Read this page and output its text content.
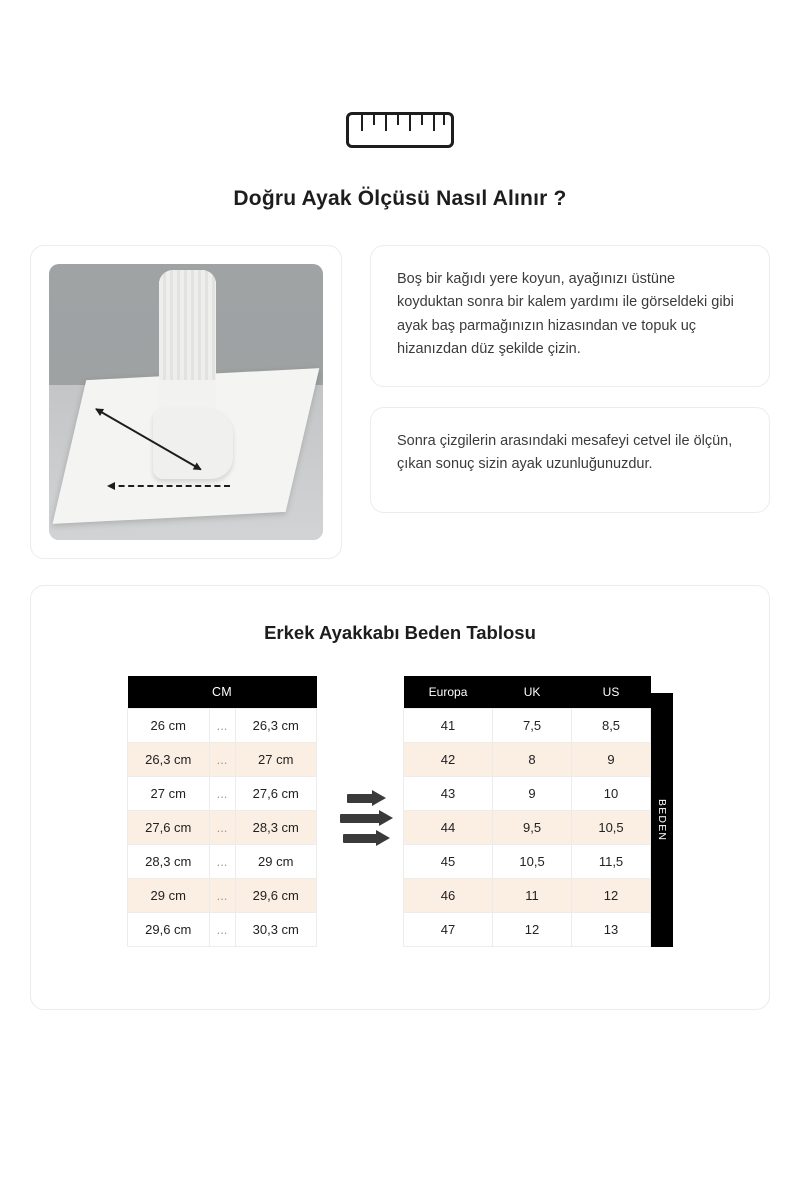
Doğru Ayak Ölçüsü Nasıl Alınır ?

Boş bir kağıdı yere koyun, ayağınızı üstüne koyduktan sonra bir kalem yardımı ile görseldeki gibi ayak baş parmağınızın hizasından ve topuk uç hizanızdan düz şekilde çizin.

Sonra çizgilerin arasındaki mesafeyi cetvel ile ölçün, çıkan sonuç sizin ayak uzunluğunuzdur.

Erkek Ayakkabı Beden Tablosu
CM		
26 cm	...	26,3 cm
26,3 cm	...	27 cm
27 cm	...	27,6 cm
27,6 cm	...	28,3 cm
28,3 cm	...	29 cm
29 cm	...	29,6 cm
29,6 cm	...	30,3 cm
Europa	UK	US
41	7,5	8,5
42	8	9
43	9	10
44	9,5	10,5
45	10,5	11,5
46	11	12
47	12	13
BEDEN
